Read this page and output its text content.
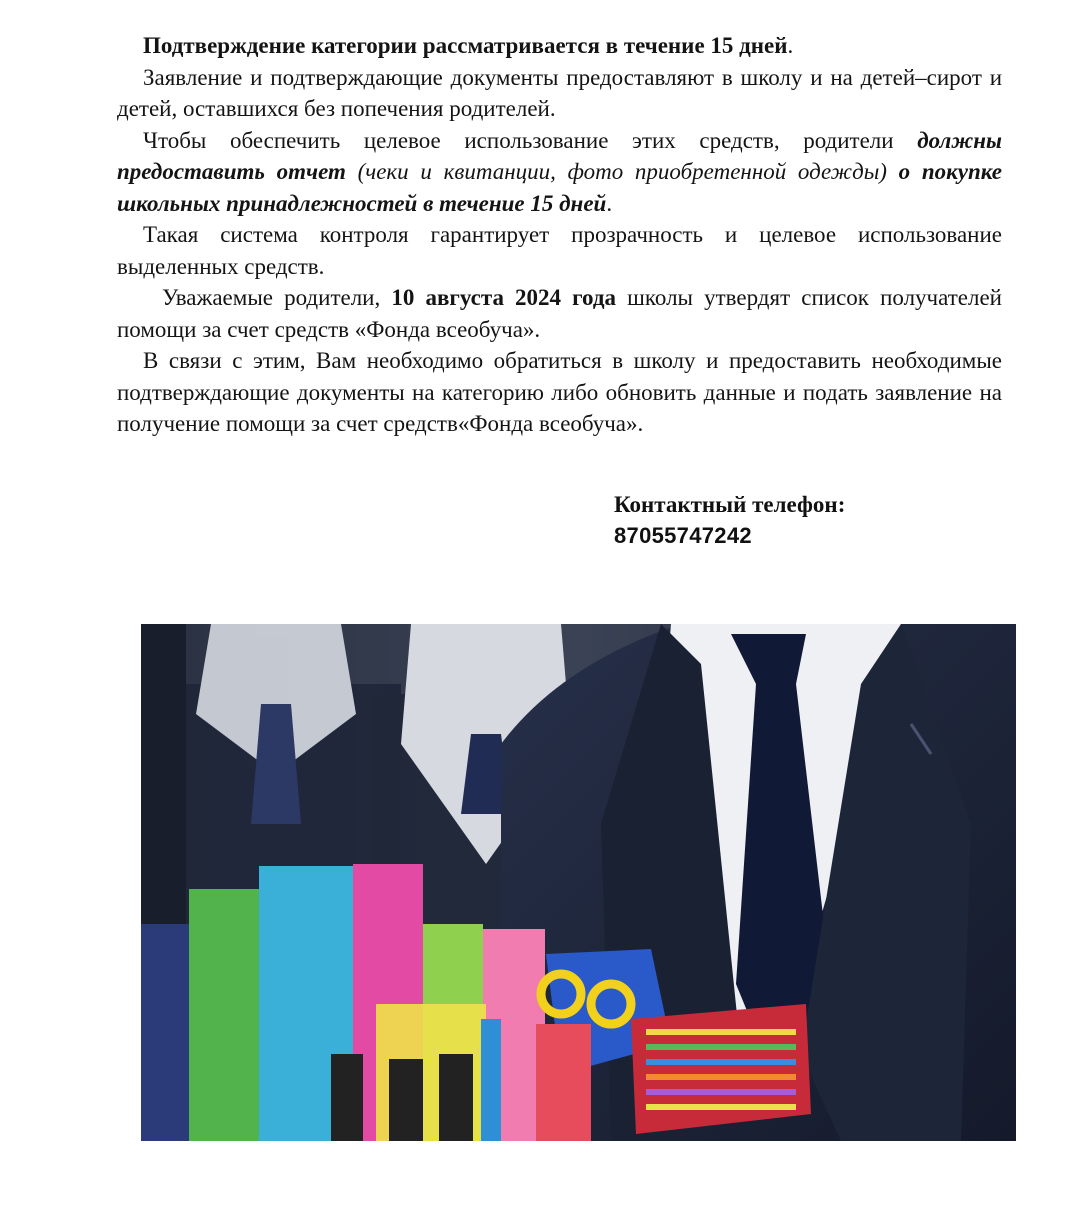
Подтверждение категории рассматривается в течение 15 дней.

Заявление и подтверждающие документы предоставляют в школу и на детей–сирот и детей, оставшихся без попечения родителей.

Чтобы обеспечить целевое использование этих средств, родители должны предоставить отчет (чеки и квитанции, фото приобретенной одежды) о покупке школьных принадлежностей в течение 15 дней.

Такая система контроля гарантирует прозрачность и целевое использование выделенных средств.

Уважаемые родители, 10 августа 2024 года школы утвердят список получателей помощи за счет средств «Фонда всеобуча».

В связи с этим, Вам необходимо обратиться в школу и предоставить необходимые подтверждающие документы на категорию либо обновить данные и подать заявление на получение помощи за счет средств«Фонда всеобуча».

Контактный телефон:
87055747242
